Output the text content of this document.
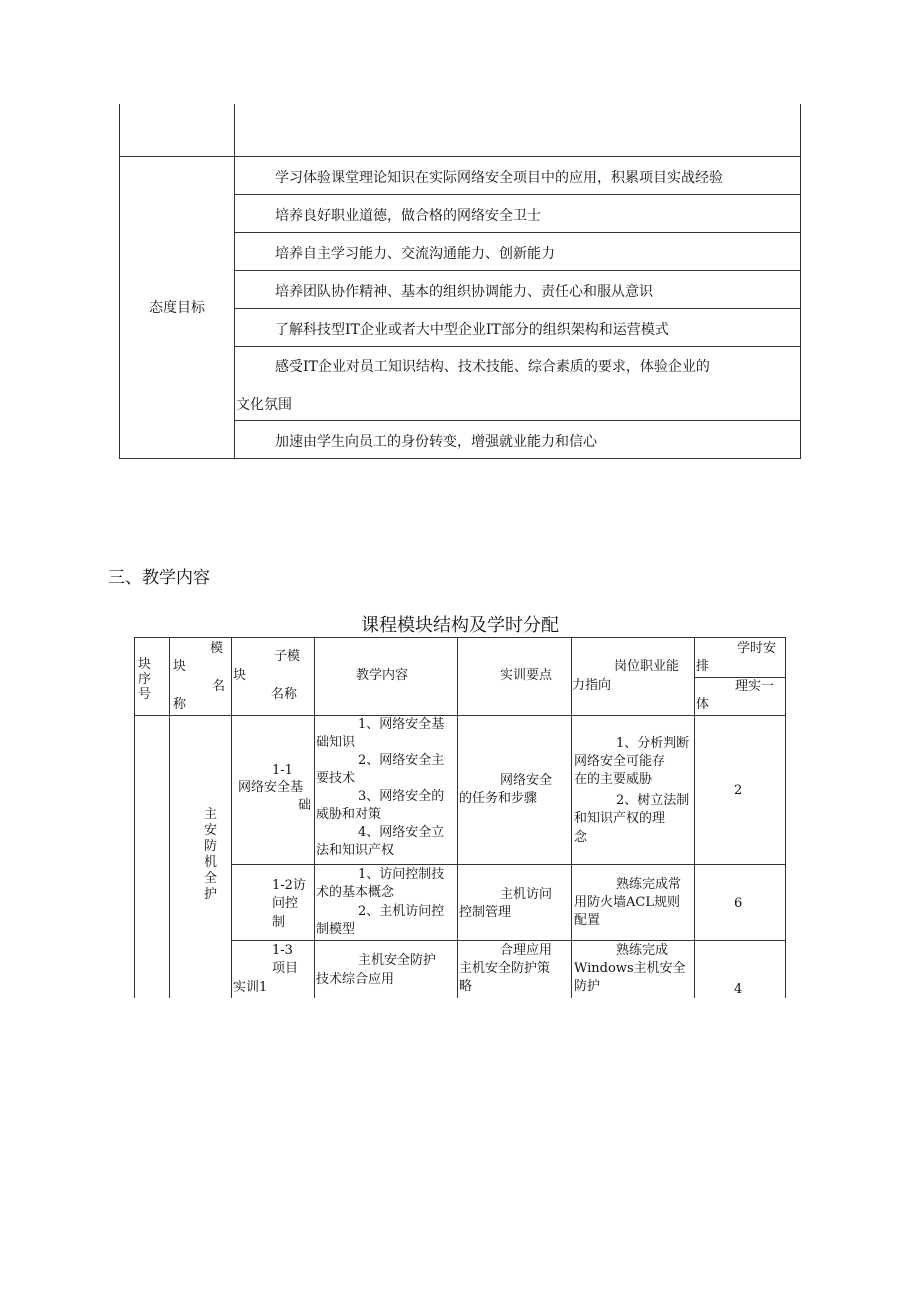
态度目标
学习体验课堂理论知识在实际网络安全项目中的应用，积累项目实战经验
培养良好职业道德，做合格的网络安全卫士
培养自主学习能力、交流沟通能力、创新能力
培养团队协作精神、基本的组织协调能力、责任心和服从意识
了解科技型IT企业或者大中型企业IT部分的组织架构和运营模式
感受IT企业对员工知识结构、技术技能、综合素质的要求，体验企业的
文化氛围
加速由学生向员工的身份转变，增强就业能力和信心
三、教学内容
课程模块结构及学时分配
块
序
号
模
块
名
称
子模
块
名称
教学内容	实训要点
岗位职业能
力指向
学时安
排
理实一
体
主
安
防
机
全
护
1-1
网络安全基
础
1、网络安全基
础知识
2、网络安全主
要技术
3、网络安全的
威胁和对策
4、网络安全立
法和知识产权
网络安全
的任务和步骤
1、分析判断
网络安全可能存
在的主要威胁
2、树立法制
和知识产权的理
念
2
1-2访
问控
制
1、访问控制技
术的基本概念
2、主机访问控
制模型
主机访问
控制管理
熟练完成常
用防火墙ACL规则
配置
6
1-3
项目
实训1
主机安全防护
技术综合应用
合理应用
主机安全防护策
略
熟练完成
Windows主机安全
防护	4
